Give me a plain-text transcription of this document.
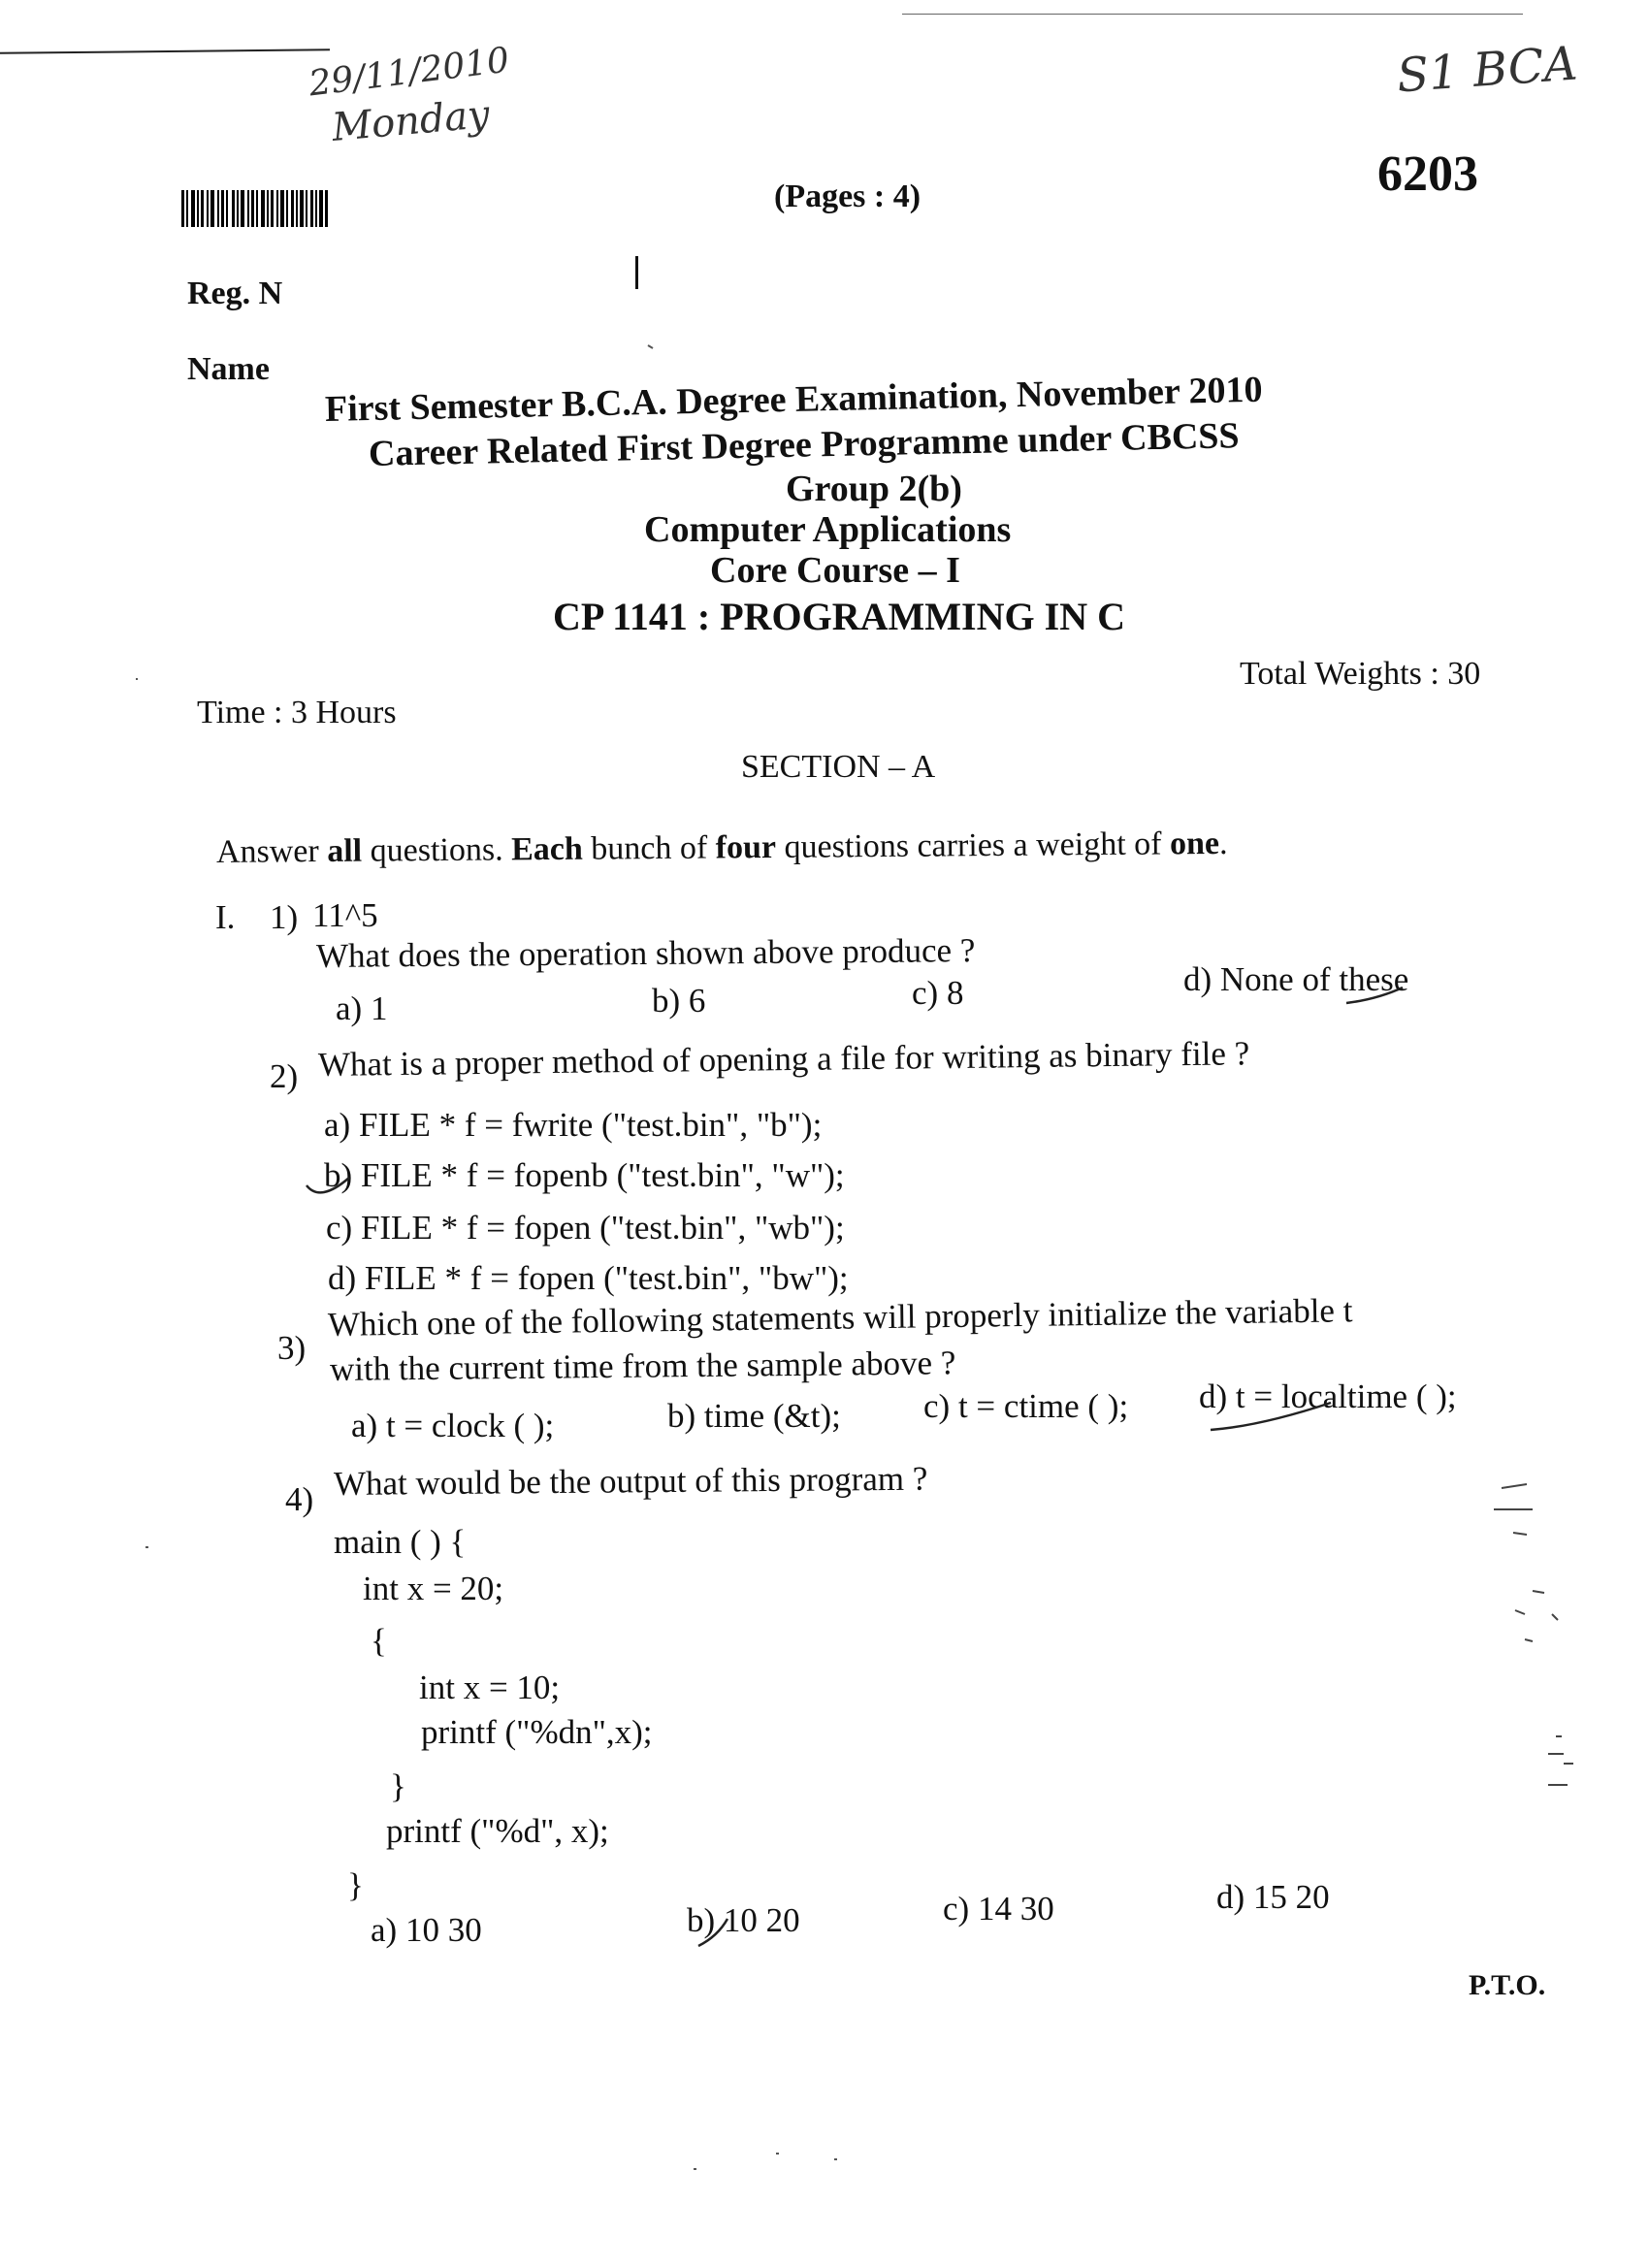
29/11/2010
Monday
S1 BCA
(Pages : 4)	6203
Reg. N
Name
First Semester B.C.A. Degree Examination, November 2010
Career Related First Degree Programme under CBCSS
Group 2(b)
Computer Applications
Core Course – I
CP 1141 : PROGRAMMING IN C
Total Weights : 30
Time : 3 Hours
SECTION – A
Answer all questions. Each bunch of four questions carries a weight of one.
I. 1) 11^5
What does the operation shown above produce ?
a) 1	b) 6	c) 8	d) None of these
2) What is a proper method of opening a file for writing as binary file ?
a) FILE * f = fwrite ("test.bin", "b");
b) FILE * f = fopenb ("test.bin", "w");
c) FILE * f = fopen ("test.bin", "wb");
d) FILE * f = fopen ("test.bin", "bw");
3)
Which one of the following statements will properly initialize the variable t
with the current time from the sample above ?
a) t = clock ( );	b) time (&t); c) t = ctime ( ); d) t = localtime ( );
4) What would be the output of this program ?
main ( ) {
int x = 20;
{
int x = 10;
printf ("%dn",x);
}
printf ("%d", x);
}
a) 10 30	b) 10 20	c) 14 30	d) 15 20
P.T.O.
